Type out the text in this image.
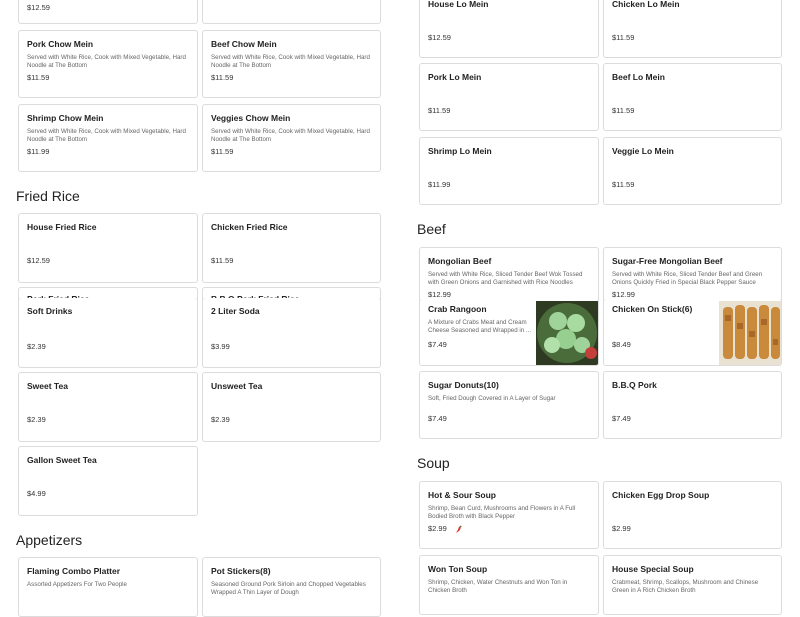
$12.59
Pork Chow Mein
Served with White Rice, Cook with Mixed Vegetable, Hard Noodle at The Bottom
$11.59
Beef Chow Mein
Served with White Rice, Cook with Mixed Vegetable, Hard Noodle at The Bottom
$11.59
Shrimp Chow Mein
Served with White Rice, Cook with Mixed Vegetable, Hard Noodle at The Bottom
$11.99
Veggies Chow Mein
Served with White Rice, Cook with Mixed Vegetable, Hard Noodle at The Bottom
$11.59
Fried Rice
House Fried Rice
$12.59
Chicken Fried Rice
$11.59
Soft Drinks
$2.39
2 Liter Soda
$3.99
Sweet Tea
$2.39
Unsweet Tea
$2.39
Gallon Sweet Tea
$4.99
Appetizers
Flaming Combo Platter
Assorted Appetizers For Two People
Pot Stickers(8)
Seasoned Ground Pork Sirloin and Chopped Vegetables Wrapped A Thin Layer of Dough
House Lo Mein
$12.59
Chicken Lo Mein
$11.59
Pork Lo Mein
$11.59
Beef Lo Mein
$11.59
Shrimp Lo Mein
$11.99
Veggie Lo Mein
$11.59
Beef
Mongolian Beef
Served with White Rice, Sliced Tender Beef Wok Tossed with Green Onions and Garnished with Rice Noodles
$12.99
Sugar-Free Mongolian Beef
Served with White Rice, Sliced Tender Beef and Green Onions Quickly Fried in Special Black Pepper Sauce
$12.99
Crab Rangoon
A Mixture of Crabs Meat and Cream Cheese Seasoned and Wrapped in ...
$7.49
Chicken On Stick(6)
$8.49
Sugar Donuts(10)
Soft, Fried Dough Covered in A Layer of Sugar
$7.49
B.B.Q Pork
$7.49
Soup
Hot & Sour Soup
Shrimp, Bean Curd, Mushrooms and Flowers in A Full Bodied Broth with Black Pepper
$2.99
Chicken Egg Drop Soup
$2.99
Won Ton Soup
Shrimp, Chicken, Water Chestnuts and Won Ton in Chicken Broth
House Special Soup
Crabmeat, Shrimp, Scallops, Mushroom and Chinese Green in A Rich Chicken Broth
